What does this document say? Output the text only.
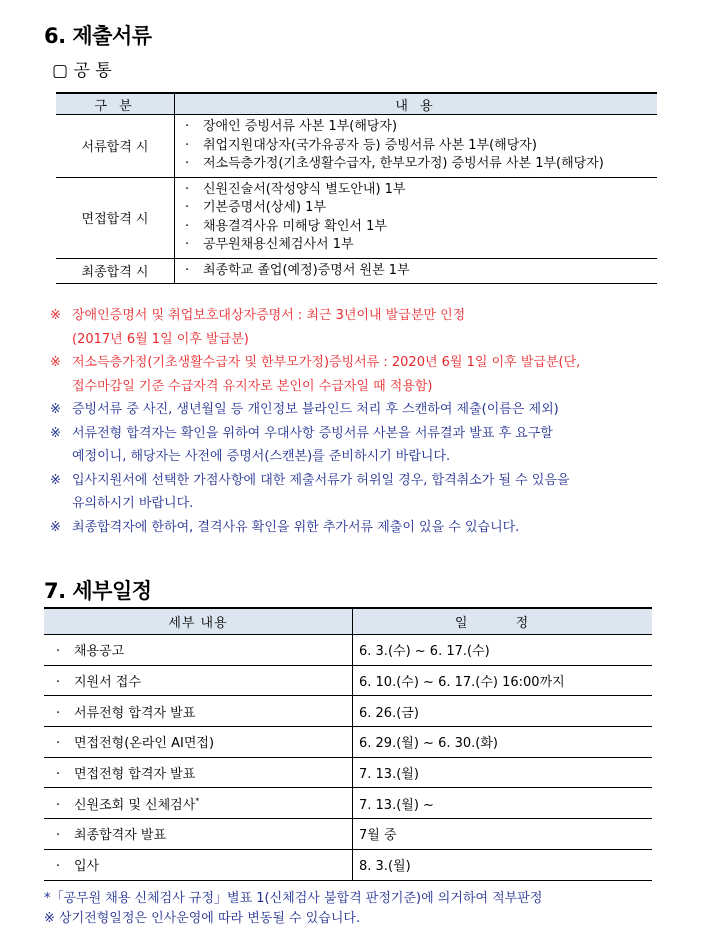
6. 제출서류
▢ 공 통
구 분	내 용
서류합격 시	· 장애인 증빙서류 사본 1부(해당자)
· 취업지원대상자(국가유공자 등) 증빙서류 사본 1부(해당자)
· 저소득층가정(기초생활수급자, 한부모가정) 증빙서류 사본 1부(해당자)

면접합격 시	· 신원진술서(작성양식 별도안내) 1부
· 기본증명서(상세) 1부
· 채용결격사유 미해당 확인서 1부
· 공무원채용신체검사서 1부

최종합격 시	· 최종학교 졸업(예정)증명서 원본 1부
※ 장애인증명서 및 취업보호대상자증명서 : 최근 3년이내 발급분만 인정
(2017년 6월 1일 이후 발급분)
※ 저소득층가정(기초생활수급자 및 한부모가정)증빙서류 : 2020년 6월 1일 이후 발급분(단,
접수마감일 기준 수급자격 유지자로 본인이 수급자일 때 적용함)
※ 증빙서류 중 사진, 생년월일 등 개인정보 블라인드 처리 후 스캔하여 제출(이름은 제외)
※ 서류전형 합격자는 확인을 위하여 우대사항 증빙서류 사본을 서류결과 발표 후 요구할
예정이니, 해당자는 사전에 증명서(스캔본)를 준비하시기 바랍니다.
※ 입사지원서에 선택한 가점사항에 대한 제출서류가 허위일 경우, 합격취소가 될 수 있음을
유의하시기 바랍니다.
※ 최종합격자에 한하여, 결격사유 확인을 위한 추가서류 제출이 있을 수 있습니다.
7. 세부일정
세부 내용	일 정
· 채용공고	6. 3.(수) ~ 6. 17.(수)
· 지원서 접수	6. 10.(수) ~ 6. 17.(수) 16:00까지
· 서류전형 합격자 발표	6. 26.(금)
· 면접전형(온라인 AI면접)	6. 29.(월) ~ 6. 30.(화)
· 면접전형 합격자 발표	7. 13.(월)
· 신원조회 및 신체검사*	7. 13.(월) ~
· 최종합격자 발표	7월 중
· 입사	8. 3.(월)
*「공무원 채용 신체검사 규정」별표 1(신체검사 불합격 판정기준)에 의거하여 적부판정
※ 상기전형일정은 인사운영에 따라 변동될 수 있습니다.
